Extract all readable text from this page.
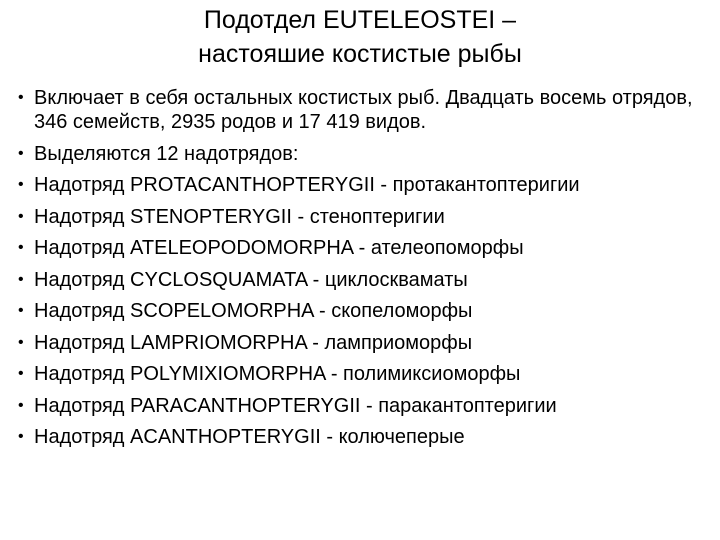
Подотдел EUTELEOSTEI –
настояшие костистые рыбы
• Включает в себя остальных костистых рыб. Двадцать восемь отрядов, 346 семейств, 2935 родов и 17 419 видов.
• Выделяются 12 надотрядов:
• Надотряд PROTACANTHOPTERYGII - протакантоптеригии
• Надотряд STENOPTERYGII - стеноптеригии
• Надотряд ATELEOPODOMORPHA - ателеопоморфы
• Надотряд CYCLOSQUAMATA - циклоскваматы
• Надотряд SCOPELOMORPHA - скопеломорфы
• Надотряд LAMPRIOMORPHA - ламприоморфы
• Надотряд POLYMIXIOMORPHA - полимиксиоморфы
• Надотряд PARACANTHOPTERYGII - паракантоптеригии
• Надотряд ACANTHOPTERYGII - колючеперые
